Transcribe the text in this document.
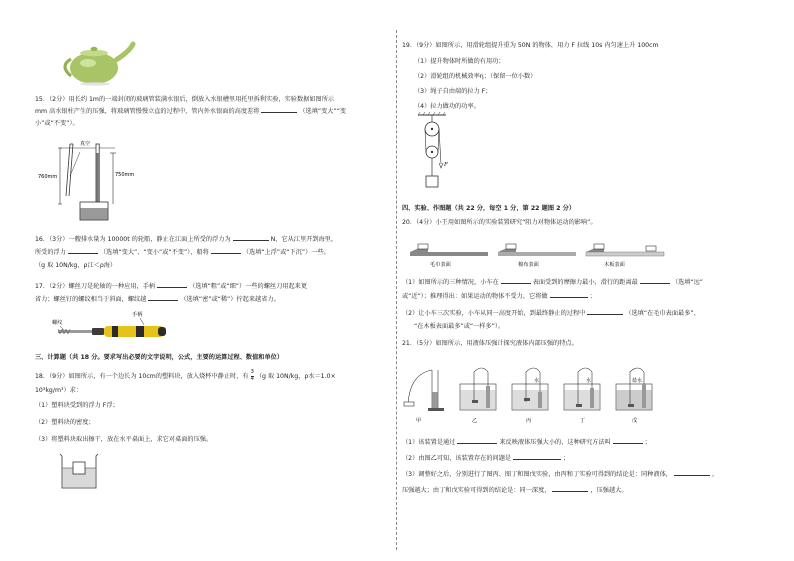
15．（2分）用长约 1m的一端封闭的玻璃管装满水银后，倒放入水银槽里用托里拆利实验，实验数据如图所示
mm 高水银柱产生的压强，将玻璃管慢慢立直的过程中，管内外水银面的高度差将	（选填“变大”“变
小”或“不变”）。
真空
760mm	750mm
16．（3分）一艘排水量为 10000t 的轮船，静止在江面上所受的浮力为	N，它从江里开到海里，
所受的浮力	（选填“变大”、“变小”或“不变”），船将	（选填“上浮”或“下沉”）一些。
（g 取 10N/kg，ρ江＜ρ海）
17．（2分）螺丝刀是轮轴的一种应用，手柄	（选填“粗”或“细”）一些的螺丝刀用起来更
省力；螺丝钉的螺纹相当于斜面，螺纹越	（选填“密”或“稀”）拧起来越省力。
手柄
螺纹
三、计算题（共 18 分。要求写出必要的文字说明，公式，主要的运算过程、数值和单位）
18．（9分）如图所示，有一个边长为 10cm的塑料块，放入烧杯中静止时，有 $\frac{3}{4} (g$ 取 10N/kg，ρ水＝1.0×
10³kg/m³）求：
（1）塑料块受到的浮力 F浮；
（2）塑料块的密度；
（3）将塑料块取出擦干，放在水平桌面上，求它对桌面的压强。
19．（9分）如图所示，用滑轮组提升重为 50N 的物体，用力 F 拉线 10s 内匀速上升 100cm
（1）提升物体时所做的有用功；
（2）滑轮组的机械效率η；（保留一位小数）
（3）绳子自由端的拉力 F；
（4）拉力做功的功率。
F
四、实验、作图题（共 22 分，每空 1 分，第 22 题图 2 分）
20．（4分）小王用如图所示的实验装置研究“阻力对物体运动的影响”。
毛巾表面	棉布表面	木板表面
（1）如图所示的三种情况，小车在	表面受到的摩擦力最小，滑行的距离最	（选填“远”
或“近”）；推理得出：如果运动的物体不受力，它将做	；
（2）让小车三次实验，小车从同一高度开始，到最终静止的过程中	（选填“在毛巾表面最多”、
“在木板表面最多”或“一样多”）。
21．（5分）如图所示，用液体压强计探究液体内部压强的特点。
水	水	盐水
甲	乙	丙	丁	戊
（1）该装置是通过	来反映液体压强大小的，这种研究方法叫	；
（2）由图乙可知，该装置存在的问题是	；
（3）调整好之后，分别进行了图丙、图丁和图戊实验，由丙和丁实验可得到的结论是：同种液体，	，
压强越大；由丁和戊实验可得到的结论是：同一深度，	，压强越大。
